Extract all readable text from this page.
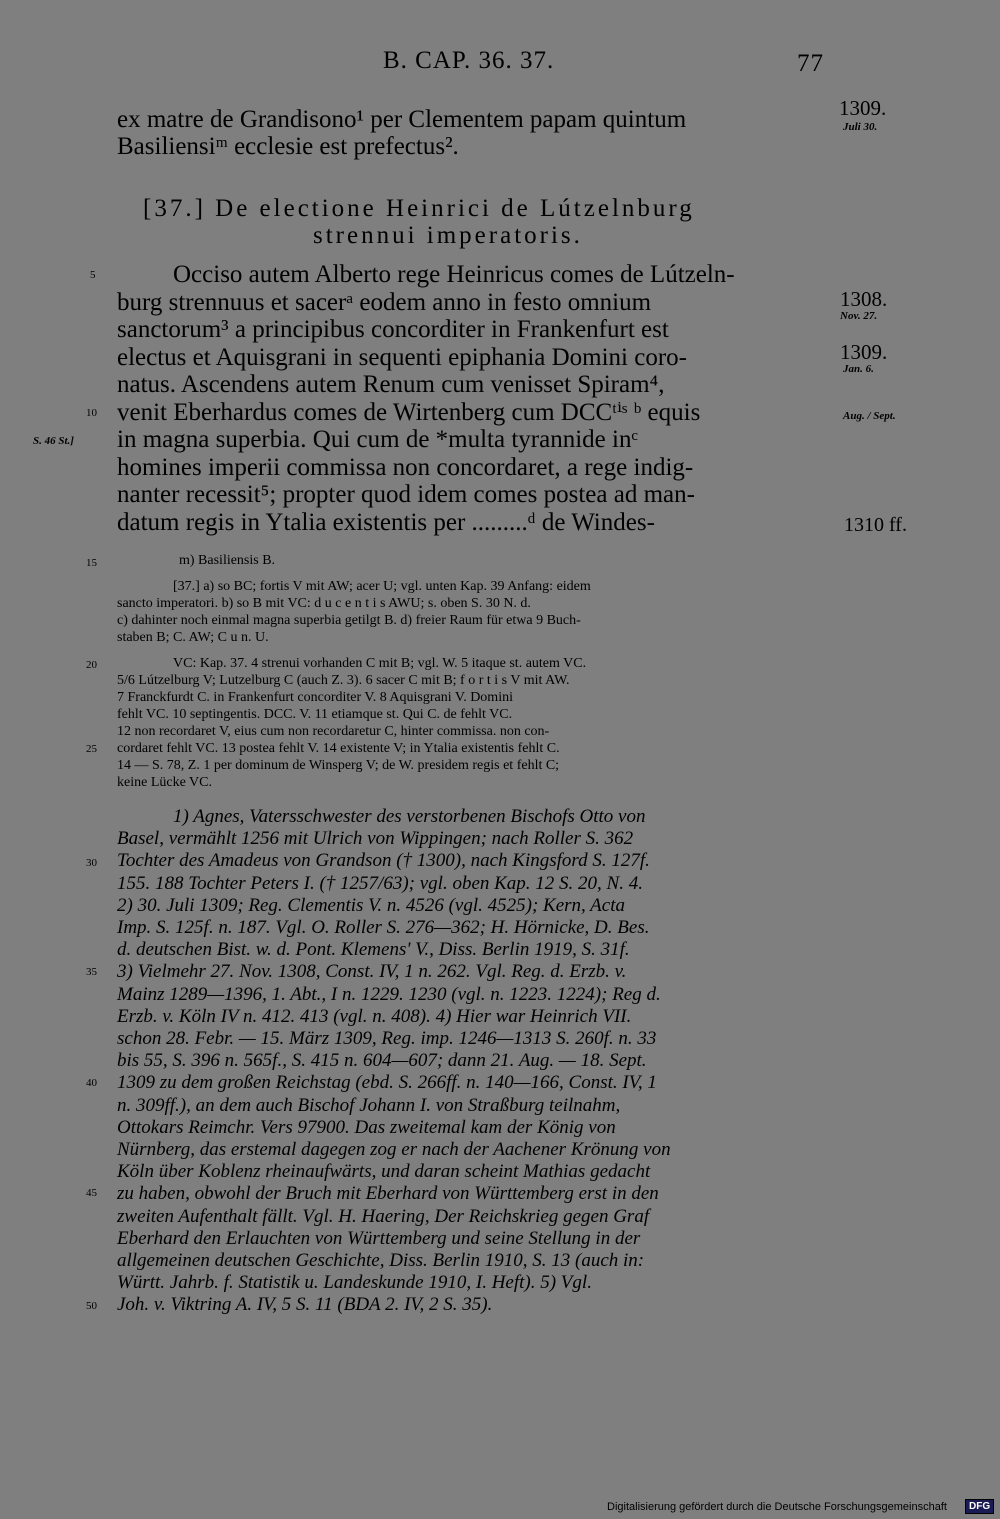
B. CAP. 36. 37.	77
ex matre de Grandisono¹ per Clementem papam quintum
Basiliensiᵐ ecclesie est prefectus².
[37.] De electione Heinrici de Lútzelnburg
strennui imperatoris.
Occiso autem Alberto rege Heinricus comes de Lútzeln-
burg strennuus et sacerᵃ eodem anno in festo omnium
sanctorum³ a principibus concorditer in Frankenfurt est
electus et Aquisgrani in sequenti epiphania Domini coro-
natus. Ascendens autem Renum cum venisset Spiram⁴,
venit Eberhardus comes de Wirtenberg cum DCCᵗⁱˢ ᵇ equis
in magna superbia. Qui cum de *multa tyrannide inᶜ
homines imperii commissa non concordaret, a rege indig-
nanter recessit⁵; propter quod idem comes postea ad man-
datum regis in Ytalia existentis per .........ᵈ de Windes-
5
10
15
20
25
30
35
40
45
50
S. 46 St.]
1309.
Juli 30.
1308.
Nov. 27.
1309.
Jan. 6.
Aug. / Sept.
1310 ff.
m) Basiliensis B.
[37.] a) so BC; fortis V mit AW; acer U; vgl. unten Kap. 39 Anfang: eidem
sancto imperatori. b) so B mit VC: d u c e n t i s AWU; s. oben S. 30 N. d.
c) dahinter noch einmal magna superbia getilgt B. d) freier Raum für etwa 9 Buch-
staben B; C. AW; C u n. U.
VC: Kap. 37. 4 strenui vorhanden C mit B; vgl. W. 5 itaque st. autem VC.
5/6 Lútzelburg V; Lutzelburg C (auch Z. 3). 6 sacer C mit B; f o r t i s V mit AW.
7 Franckfurdt C. in Frankenfurt concorditer V. 8 Aquisgrani V. Domini
fehlt VC. 10 septingentis. DCC. V. 11 etiamque st. Qui C. de fehlt VC.
12 non recordaret V, eius cum non recordaretur C, hinter commissa. non con-
cordaret fehlt VC. 13 postea fehlt V. 14 existente V; in Ytalia existentis fehlt C.
14 — S. 78, Z. 1 per dominum de Winsperg V; de W. presidem regis et fehlt C;
keine Lücke VC.
1) Agnes, Vatersschwester des verstorbenen Bischofs Otto von
Basel, vermählt 1256 mit Ulrich von Wippingen; nach Roller S. 362
Tochter des Amadeus von Grandson († 1300), nach Kingsford S. 127f.
155. 188 Tochter Peters I. († 1257/63); vgl. oben Kap. 12 S. 20, N. 4.
2) 30. Juli 1309; Reg. Clementis V. n. 4526 (vgl. 4525); Kern, Acta
Imp. S. 125f. n. 187. Vgl. O. Roller S. 276—362; H. Hörnicke, D. Bes.
d. deutschen Bist. w. d. Pont. Klemens' V., Diss. Berlin 1919, S. 31f.
3) Vielmehr 27. Nov. 1308, Const. IV, 1 n. 262. Vgl. Reg. d. Erzb. v.
Mainz 1289—1396, 1. Abt., I n. 1229. 1230 (vgl. n. 1223. 1224); Reg d.
Erzb. v. Köln IV n. 412. 413 (vgl. n. 408). 4) Hier war Heinrich VII.
schon 28. Febr. — 15. März 1309, Reg. imp. 1246—1313 S. 260f. n. 33
bis 55, S. 396 n. 565f., S. 415 n. 604—607; dann 21. Aug. — 18. Sept.
1309 zu dem großen Reichstag (ebd. S. 266ff. n. 140—166, Const. IV, 1
n. 309ff.), an dem auch Bischof Johann I. von Straßburg teilnahm,
Ottokars Reimchr. Vers 97900. Das zweitemal kam der König von
Nürnberg, das erstemal dagegen zog er nach der Aachener Krönung von
Köln über Koblenz rheinaufwärts, und daran scheint Mathias gedacht
zu haben, obwohl der Bruch mit Eberhard von Württemberg erst in den
zweiten Aufenthalt fällt. Vgl. H. Haering, Der Reichskrieg gegen Graf
Eberhard den Erlauchten von Württemberg und seine Stellung in der
allgemeinen deutschen Geschichte, Diss. Berlin 1910, S. 13 (auch in:
Württ. Jahrb. f. Statistik u. Landeskunde 1910, I. Heft). 5) Vgl.
Joh. v. Viktring A. IV, 5 S. 11 (BDA 2. IV, 2 S. 35).
Digitalisierung gefördert durch die Deutsche Forschungsgemeinschaft	DFG
